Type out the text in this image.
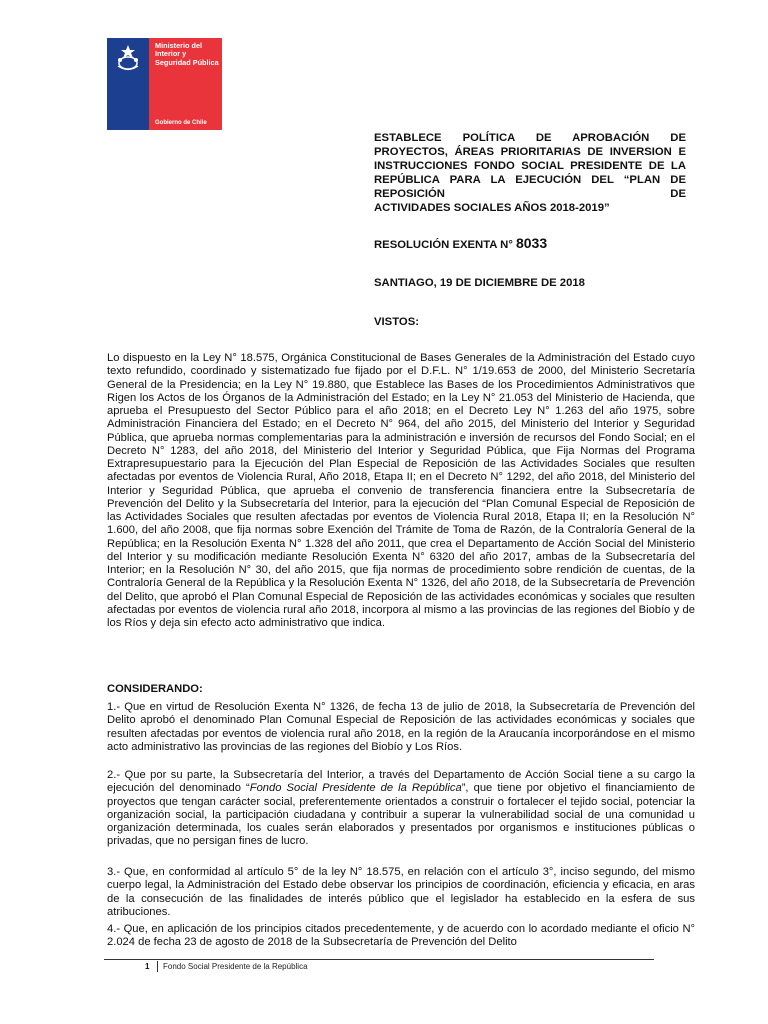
Ministerio del Interior y Seguridad Pública
Gobierno de Chile
ESTABLECE POLÍTICA DE APROBACIÓN DE PROYECTOS, ÁREAS PRIORITARIAS DE INVERSION E INSTRUCCIONES FONDO SOCIAL PRESIDENTE DE LA REPÚBLICA PARA LA EJECUCIÓN DEL “PLAN DE REPOSICIÓN DE
ACTIVIDADES SOCIALES AÑOS 2018-2019”
RESOLUCIÓN EXENTA N° 8033
SANTIAGO, 19 DE DICIEMBRE DE 2018
VISTOS:
Lo dispuesto en la Ley N° 18.575, Orgánica Constitucional de Bases Generales de la Administración del Estado cuyo texto refundido, coordinado y sistematizado fue fijado por el D.F.L. N° 1/19.653 de 2000, del Ministerio Secretaría General de la Presidencia; en la Ley N° 19.880, que Establece las Bases de los Procedimientos Administrativos que Rigen los Actos de los Órganos de la Administración del Estado; en la Ley N° 21.053 del Ministerio de Hacienda, que aprueba el Presupuesto del Sector Público para el año 2018; en el Decreto Ley N° 1.263 del año 1975, sobre Administración Financiera del Estado; en el Decreto N° 964, del año 2015, del Ministerio del Interior y Seguridad Pública, que aprueba normas complementarias para la administración e inversión de recursos del Fondo Social; en el Decreto N° 1283, del año 2018, del Ministerio del Interior y Seguridad Pública, que Fija Normas del Programa Extrapresupuestario para la Ejecución del Plan Especial de Reposición de las Actividades Sociales que resulten afectadas por eventos de Violencia Rural, Año 2018, Etapa II; en el Decreto N° 1292, del año 2018, del Ministerio del Interior y Seguridad Pública, que aprueba el convenio de transferencia financiera entre la Subsecretaría de Prevención del Delito y la Subsecretaría del Interior, para la ejecución del “Plan Comunal Especial de Reposición de las Actividades Sociales que resulten afectadas por eventos de Violencia Rural 2018, Etapa II; en la Resolución N° 1.600, del año 2008, que fija normas sobre Exención del Trámite de Toma de Razón, de la Contraloría General de la República; en la Resolución Exenta N° 1.328 del año 2011, que crea el Departamento de Acción Social del Ministerio del Interior y su modificación mediante Resolución Exenta N° 6320 del año 2017, ambas de la Subsecretaría del Interior; en la Resolución N° 30, del año 2015, que fija normas de procedimiento sobre rendición de cuentas, de la Contraloría General de la República y la Resolución Exenta N° 1326, del año 2018, de la Subsecretaría de Prevención del Delito, que aprobó el Plan Comunal Especial de Reposición de las actividades económicas y sociales que resulten afectadas por eventos de violencia rural año 2018, incorpora al mismo a las provincias de las regiones del Biobío y de los Ríos y deja sin efecto acto administrativo que indica.
CONSIDERANDO:
1.- Que en virtud de Resolución Exenta N° 1326, de fecha 13 de julio de 2018, la Subsecretaría de Prevención del Delito aprobó el denominado Plan Comunal Especial de Reposición de las actividades económicas y sociales que resulten afectadas por eventos de violencia rural año 2018, en la región de la Araucanía incorporándose en el mismo acto administrativo las provincias de las regiones del Biobío y Los Ríos.
2.- Que por su parte, la Subsecretaría del Interior, a través del Departamento de Acción Social tiene a su cargo la ejecución del denominado “Fondo Social Presidente de la República”, que tiene por objetivo el financiamiento de proyectos que tengan carácter social, preferentemente orientados a construir o fortalecer el tejido social, potenciar la organización social, la participación ciudadana y contribuir a superar la vulnerabilidad social de una comunidad u organización determinada, los cuales serán elaborados y presentados por organismos e instituciones públicas o privadas, que no persigan fines de lucro.
3.- Que, en conformidad al artículo 5° de la ley N° 18.575, en relación con el artículo 3°, inciso segundo, del mismo cuerpo legal, la Administración del Estado debe observar los principios de coordinación, eficiencia y eficacia, en aras de la consecución de las finalidades de interés público que el legislador ha establecido en la esfera de sus atribuciones.
4.- Que, en aplicación de los principios citados precedentemente, y de acuerdo con lo acordado mediante el oficio N° 2.024 de fecha 23 de agosto de 2018 de la Subsecretaría de Prevención del Delito
1 Fondo Social Presidente de la República
